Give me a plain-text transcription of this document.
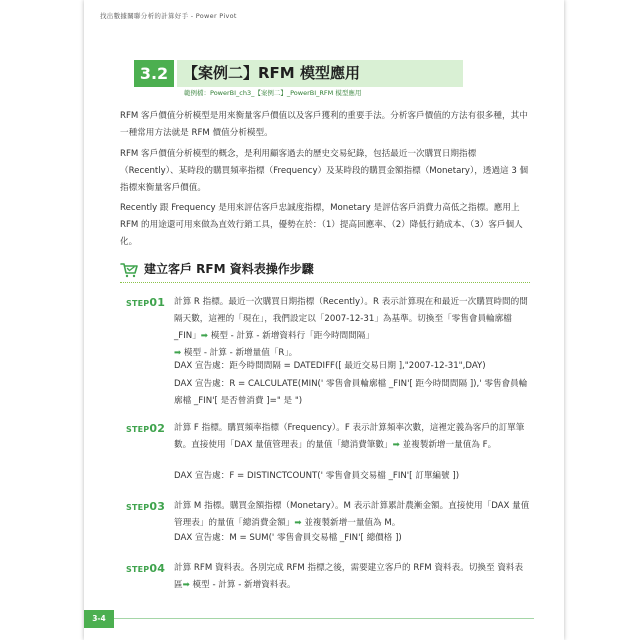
找出數據關聯分析的計算好手 - Power Pivot
3.2 【案例二】RFM 模型應用
範例檔：PowerBI_ch3_【案例二】_PowerBI_RFM 模型應用

RFM 客戶價值分析模型是用來衡量客戶價值以及客戶獲利的重要手法。分析客戶價值的方法有很多種，其中一種常用方法就是 RFM 價值分析模型。

RFM 客戶價值分析模型的概念，是利用顧客過去的歷史交易紀錄，包括最近一次購買日期指標（Recently）、某時段的購買頻率指標（Frequency）及某時段的購買金額指標（Monetary），透過這 3 個指標來衡量客戶價值。

Recently 跟 Frequency 是用來評估客戶忠誠度指標，Monetary 是評估客戶消費力高低之指標。應用上 RFM 的用途還可用來做為直效行銷工具，優勢在於：（1）提高回應率、（2）降低行銷成本、（3）客戶個人化。

建立客戶 RFM 資料表操作步驟
STEP01 計算 R 指標。最近一次購買日期指標（Recently）。R 表示計算現在和最近一次購買時間的間隔天數，這裡的「現在」，我們設定以「2007-12-31」為基準。切換至「零售會員輪廓檔 _FIN」➡ 模型 - 計算 - 新增資料行「距今時間間隔」
➡ 模型 - 計算 - 新增量值「R」。

DAX 宣告處：距今時間間隔 = DATEDIFF([ 最近交易日期 ],"2007-12-31",DAY)

DAX 宣告處：R = CALCULATE(MIN(' 零售會員輪廓檔 _FIN'[ 距今時間間隔 ]),' 零售會員輪廓檔 _FIN'[ 是否曾消費 ]=" 是 ")

STEP02 計算 F 指標。購買頻率指標（Frequency）。F 表示計算頻率次數，這裡定義為客戶的訂單筆數。直接使用「DAX 量值管理表」的量值「總消費筆數」➡ 並複製新增一量值為 F。

DAX 宣告處：F = DISTINCTCOUNT(' 零售會員交易檔 _FIN'[ 訂單編號 ])

STEP03 計算 M 指標。購買金額指標（Monetary）。M 表示計算累計農漸金額。直接使用「DAX 量值管理表」的量值「總消費金額」➡ 並複製新增一量值為 M。

DAX 宣告處：M = SUM(' 零售會員交易檔 _FIN'[ 總價格 ])

STEP04 計算 RFM 資料表。各別完成 RFM 指標之後，需要建立客戶的 RFM 資料表。切換至 資料表區➡ 模型 - 計算 - 新增資料表。

3-4
